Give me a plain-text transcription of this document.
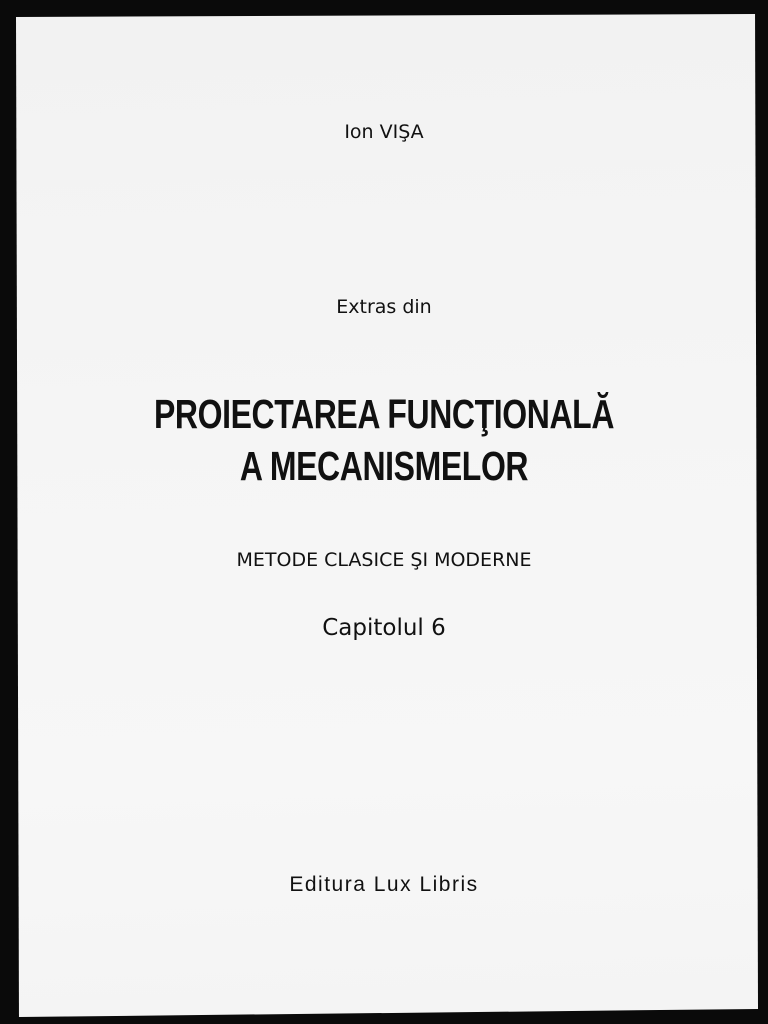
Ion VIŞA

Extras din

PROIECTAREA FUNCŢIONALĂ
A MECANISMELOR

METODE CLASICE ŞI MODERNE

Capitolul 6

Editura Lux Libris
